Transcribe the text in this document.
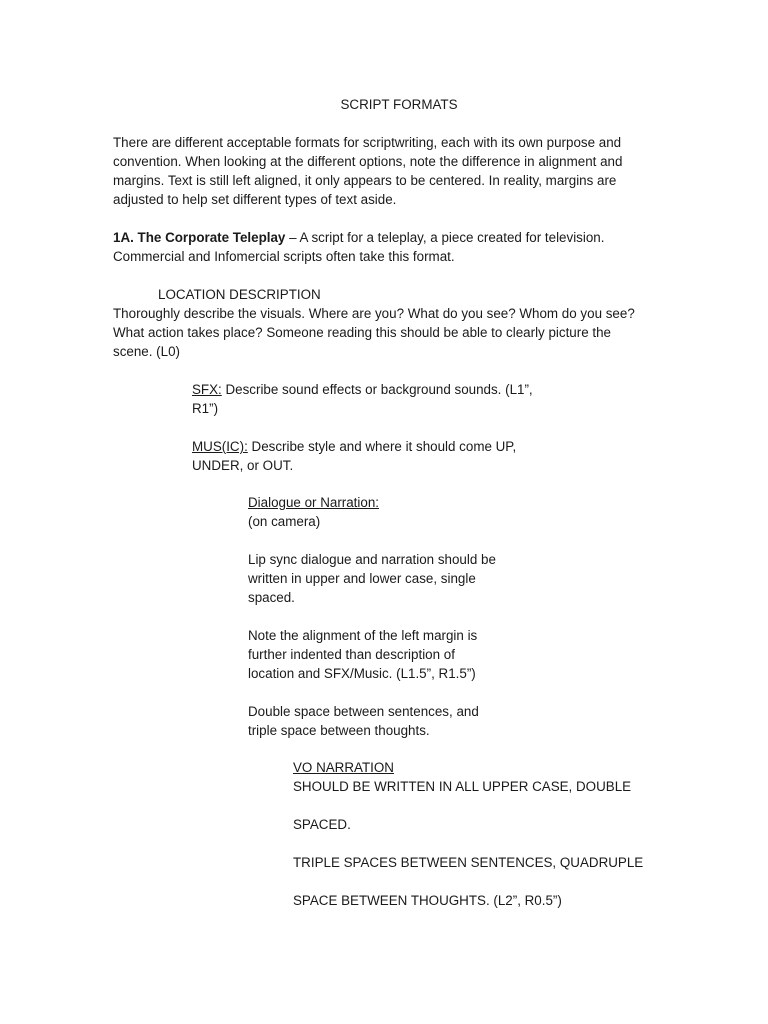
SCRIPT FORMATS
There are different acceptable formats for scriptwriting, each with its own purpose and
convention. When looking at the different options, note the difference in alignment and
margins. Text is still left aligned, it only appears to be centered. In reality, margins are
adjusted to help set different types of text aside.
1A. The Corporate Teleplay – A script for a teleplay, a piece created for television.
Commercial and Infomercial scripts often take this format.
LOCATION DESCRIPTION
Thoroughly describe the visuals. Where are you? What do you see? Whom do you see?
What action takes place? Someone reading this should be able to clearly picture the
scene. (L0)
SFX: Describe sound effects or background sounds. (L1”,
R1”)
MUS(IC): Describe style and where it should come UP,
UNDER, or OUT.
Dialogue or Narration:
(on camera)
Lip sync dialogue and narration should be
written in upper and lower case, single
spaced.
Note the alignment of the left margin is
further indented than description of
location and SFX/Music. (L1.5”, R1.5”)
Double space between sentences, and
triple space between thoughts.
VO NARRATION
SHOULD BE WRITTEN IN ALL UPPER CASE, DOUBLE
SPACED.
TRIPLE SPACES BETWEEN SENTENCES, QUADRUPLE
SPACE BETWEEN THOUGHTS. (L2”, R0.5”)
